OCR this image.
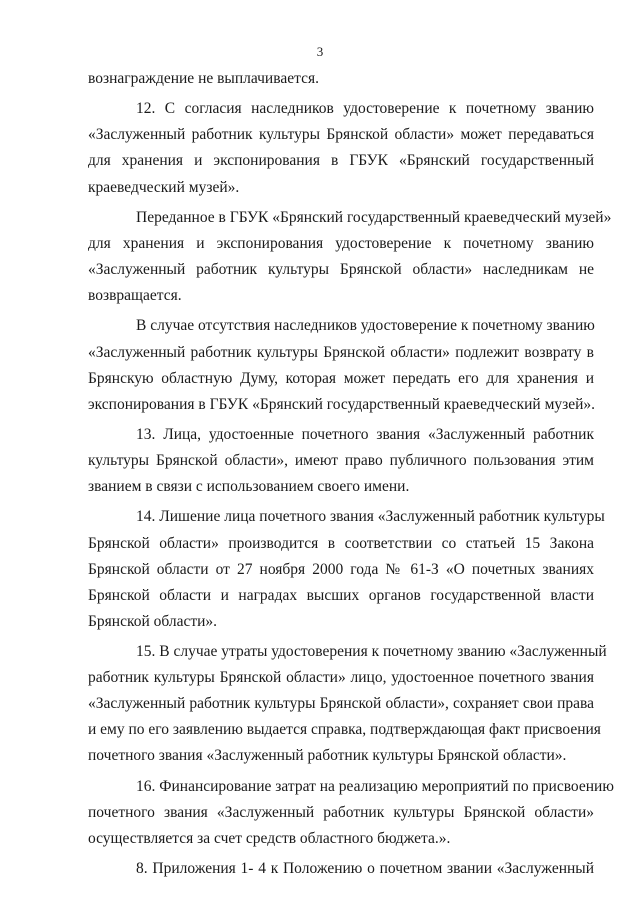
3
вознаграждение не выплачивается.
12. С согласия наследников удостоверение к почетному званию
«Заслуженный работник культуры Брянской области» может передаваться
для хранения и экспонирования в ГБУК «Брянский государственный
краеведческий музей».
Переданное в ГБУК «Брянский государственный краеведческий музей»
для хранения и экспонирования удостоверение к почетному званию
«Заслуженный работник культуры Брянской области» наследникам не
возвращается.
В случае отсутствия наследников удостоверение к почетному званию
«Заслуженный работник культуры Брянской области» подлежит возврату в
Брянскую областную Думу, которая может передать его для хранения и
экспонирования в ГБУК «Брянский государственный краеведческий музей».
13. Лица, удостоенные почетного звания «Заслуженный работник
культуры Брянской области», имеют право публичного пользования этим
званием в связи с использованием своего имени.
14. Лишение лица почетного звания «Заслуженный работник культуры
Брянской области» производится в соответствии со статьей 15 Закона
Брянской области от 27 ноября 2000 года № 61-З «О почетных званиях
Брянской области и наградах высших органов государственной власти
Брянской области».
15. В случае утраты удостоверения к почетному званию «Заслуженный
работник культуры Брянской области» лицо, удостоенное почетного звания
«Заслуженный работник культуры Брянской области», сохраняет свои права
и ему по его заявлению выдается справка, подтверждающая факт присвоения
почетного звания «Заслуженный работник культуры Брянской области».
16. Финансирование затрат на реализацию мероприятий по присвоению
почетного звания «Заслуженный работник культуры Брянской области»
осуществляется за счет средств областного бюджета.».
8. Приложения 1- 4 к Положению о почетном звании «Заслуженный
